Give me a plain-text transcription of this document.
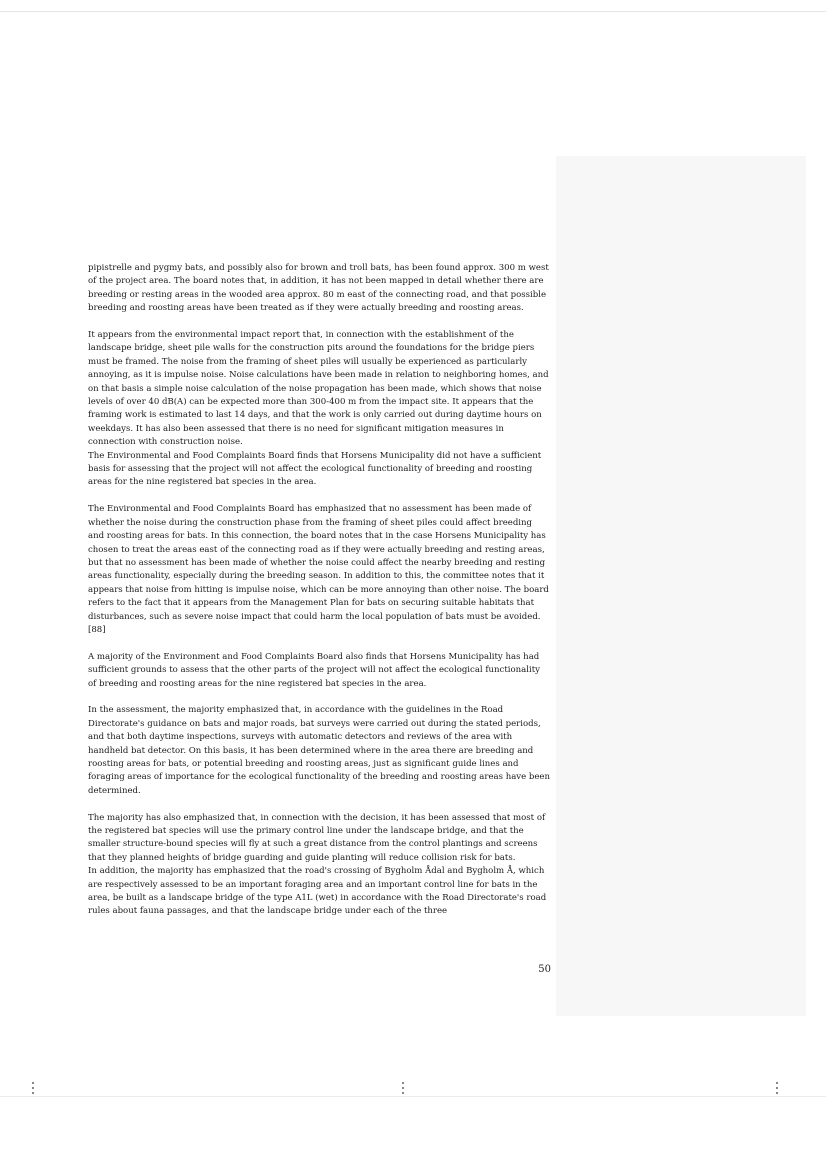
pipistrelle and pygmy bats, and possibly also for brown and troll bats, has been found approx. 300 m west of the project area. The board notes that, in addition, it has not been mapped in detail whether there are breeding or resting areas in the wooded area approx. 80 m east of the connecting road, and that possible breeding and roosting areas have been treated as if they were actually breeding and roosting areas.

It appears from the environmental impact report that, in connection with the establishment of the landscape bridge, sheet pile walls for the construction pits around the foundations for the bridge piers must be framed. The noise from the framing of sheet piles will usually be experienced as particularly annoying, as it is impulse noise. Noise calculations have been made in relation to neighboring homes, and on that basis a simple noise calculation of the noise propagation has been made, which shows that noise levels of over 40 dB(A) can be expected more than 300-400 m from the impact site. It appears that the framing work is estimated to last 14 days, and that the work is only carried out during daytime hours on weekdays. It has also been assessed that there is no need for significant mitigation measures in connection with construction noise.

The Environmental and Food Complaints Board finds that Horsens Municipality did not have a sufficient basis for assessing that the project will not affect the ecological functionality of breeding and roosting areas for the nine registered bat species in the area.

The Environmental and Food Complaints Board has emphasized that no assessment has been made of whether the noise during the construction phase from the framing of sheet piles could affect breeding and roosting areas for bats. In this connection, the board notes that in the case Horsens Municipality has chosen to treat the areas east of the connecting road as if they were actually breeding and resting areas, but that no assessment has been made of whether the noise could affect the nearby breeding and resting areas functionality, especially during the breeding season. In addition to this, the committee notes that it appears that noise from hitting is impulse noise, which can be more annoying than other noise. The board refers to the fact that it appears from the Management Plan for bats on securing suitable habitats that disturbances, such as severe noise impact that could harm the local population of bats must be avoided.[88]

A majority of the Environment and Food Complaints Board also finds that Horsens Municipality has had sufficient grounds to assess that the other parts of the project will not affect the ecological functionality of breeding and roosting areas for the nine registered bat species in the area.

In the assessment, the majority emphasized that, in accordance with the guidelines in the Road Directorate's guidance on bats and major roads, bat surveys were carried out during the stated periods, and that both daytime inspections, surveys with automatic detectors and reviews of the area with handheld bat detector. On this basis, it has been determined where in the area there are breeding and roosting areas for bats, or potential breeding and roosting areas, just as significant guide lines and foraging areas of importance for the ecological functionality of the breeding and roosting areas have been determined.

The majority has also emphasized that, in connection with the decision, it has been assessed that most of the registered bat species will use the primary control line under the landscape bridge, and that the smaller structure-bound species will fly at such a great distance from the control plantings and screens that they planned heights of bridge guarding and guide planting will reduce collision risk for bats.

In addition, the majority has emphasized that the road's crossing of Bygholm Ådal and Bygholm Å, which are respectively assessed to be an important foraging area and an important control line for bats in the area, be built as a landscape bridge of the type A1L (wet) in accordance with the Road Directorate's road rules about fauna passages, and that the landscape bridge under each of the three

50
